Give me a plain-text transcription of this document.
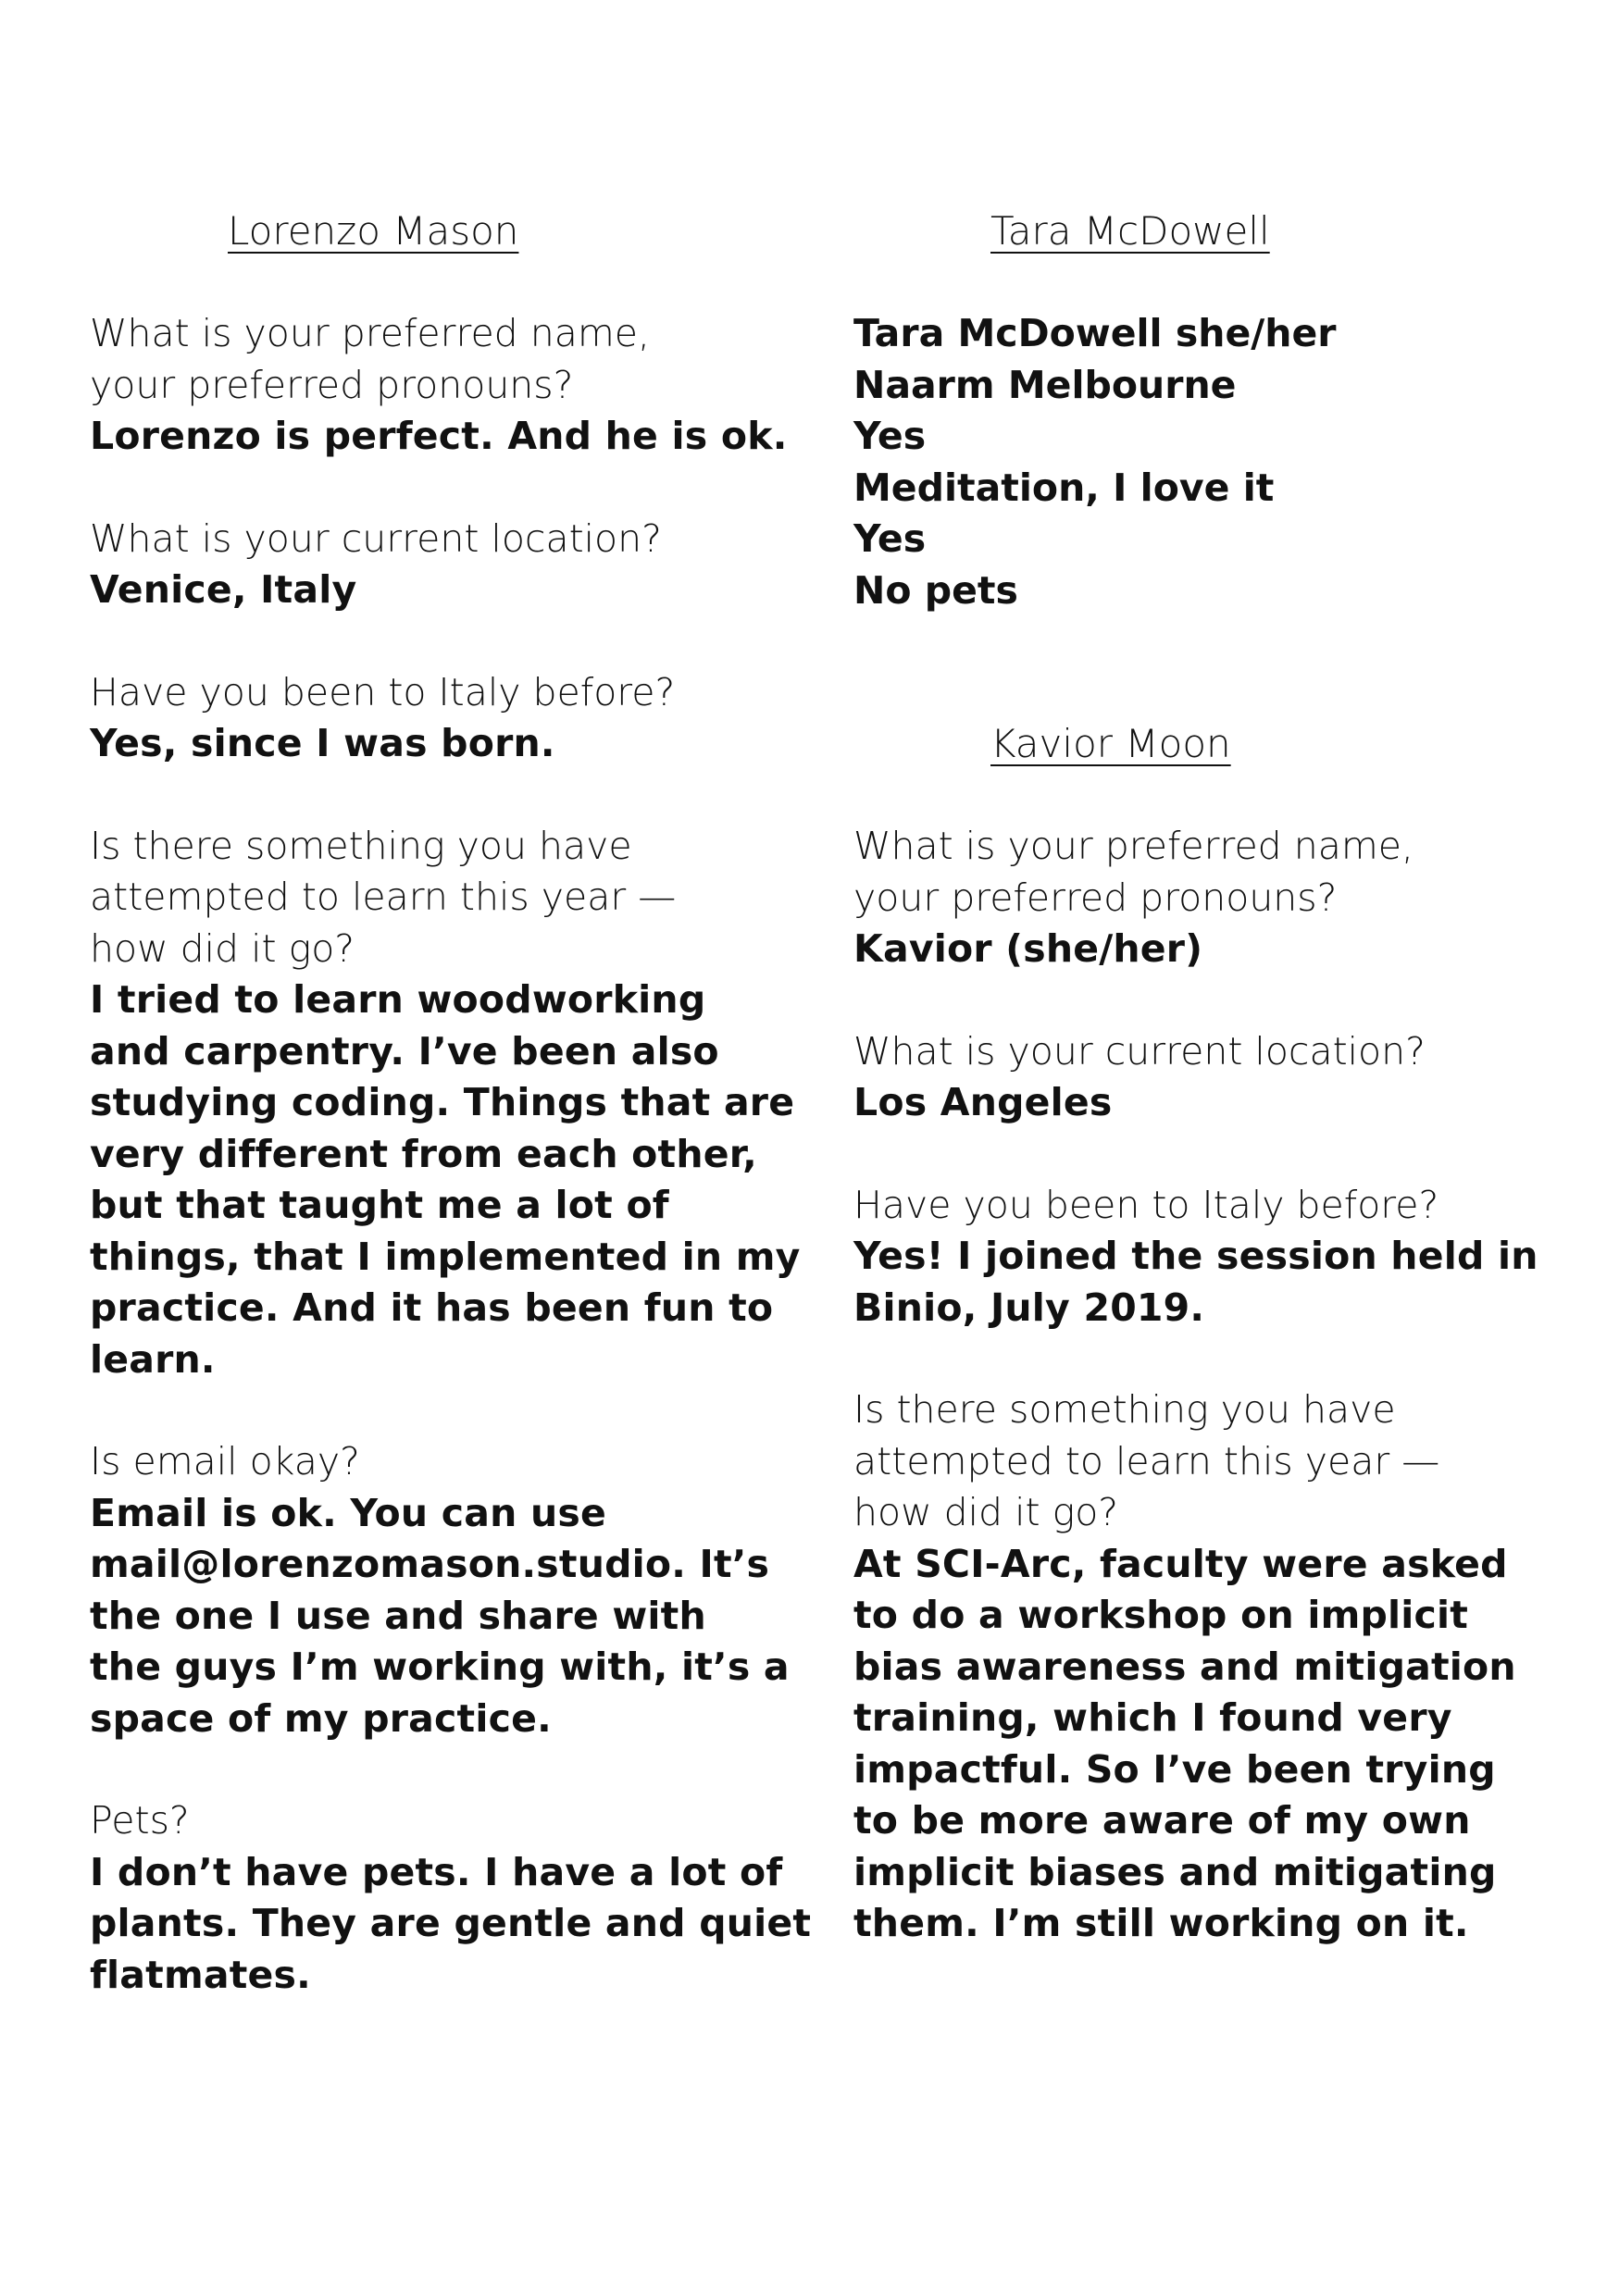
Lorenzo Mason

What is your preferred name,
your preferred pronouns?

Lorenzo is perfect. And he is ok.

What is your current location?

Venice, Italy

Have you been to Italy before?

Yes, since I was born.

Is there something you have
attempted to learn this year —
how did it go?

I tried to learn woodworking
and carpentry. I’ve been also
studying coding. Things that are
very different from each other,
but that taught me a lot of
things, that I implemented in my
practice. And it has been fun to
learn.

Is email okay?

Email is ok. You can use
mail@lorenzomason.studio. It’s
the one I use and share with
the guys I’m working with, it’s a
space of my practice.

Pets?

I don’t have pets. I have a lot of
plants. They are gentle and quiet
flatmates.

Tara McDowell
Tara McDowell she/her
Naarm Melbourne
Yes
Meditation, I love it
Yes
No pets
Kavior Moon

What is your preferred name,
your preferred pronouns?

Kavior (she/her)

What is your current location?

Los Angeles

Have you been to Italy before?

Yes! I joined the session held in
Binio, July 2019.

Is there something you have
attempted to learn this year —
how did it go?

At SCI-Arc, faculty were asked
to do a workshop on implicit
bias awareness and mitigation
training, which I found very
impactful. So I’ve been trying
to be more aware of my own
implicit biases and mitigating
them. I’m still working on it.
